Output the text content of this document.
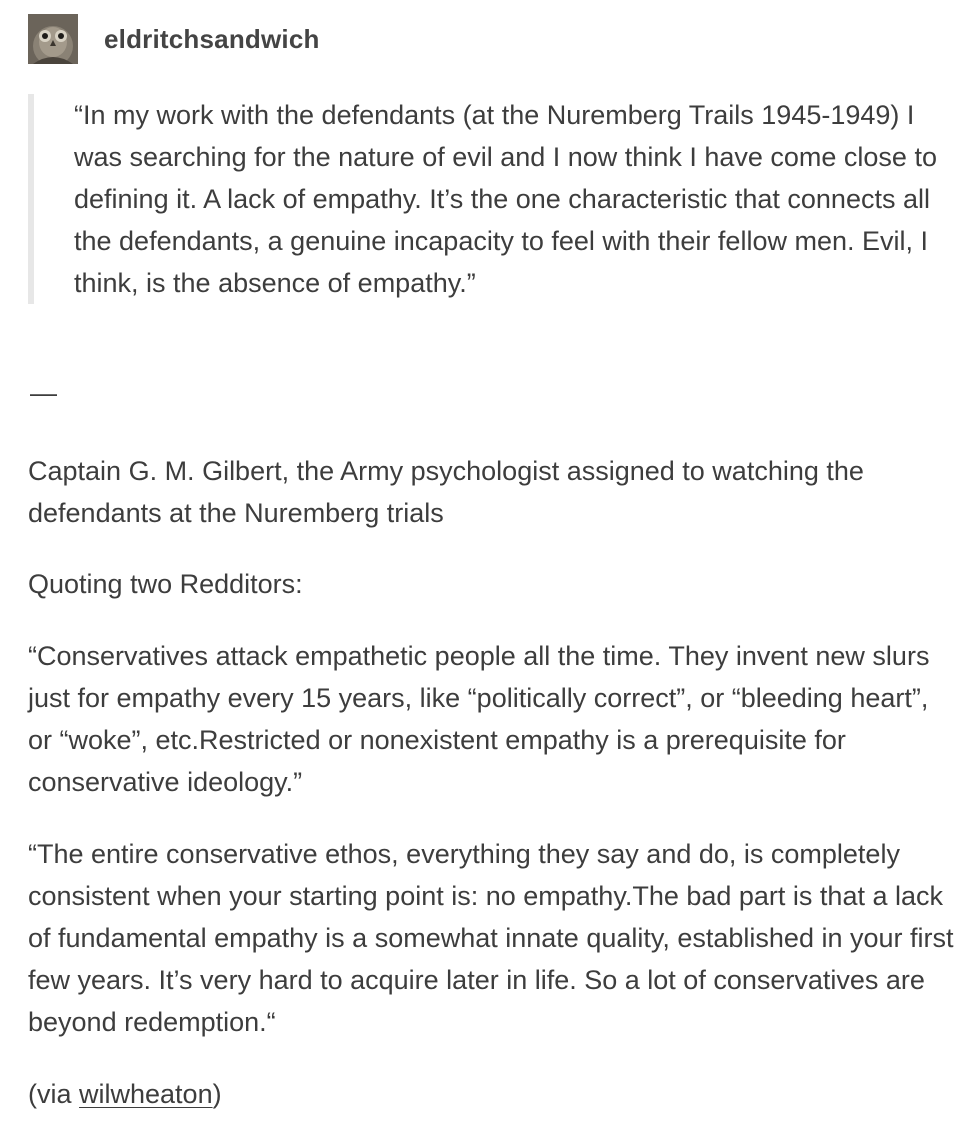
eldritchsandwich

“In my work with the defendants (at the Nuremberg Trails 1945-1949) I was searching for the nature of evil and I now think I have come close to defining it. A lack of empathy. It’s the one characteristic that connects all the defendants, a genuine incapacity to feel with their fellow men. Evil, I think, is the absence of empathy.”

—

Captain G. M. Gilbert, the Army psychologist assigned to watching the defendants at the Nuremberg trials

Quoting two Redditors:

“Conservatives attack empathetic people all the time. They invent new slurs just for empathy every 15 years, like “politically correct”, or “bleeding heart”, or “woke”, etc.Restricted or nonexistent empathy is a prerequisite for conservative ideology.”

“The entire conservative ethos, everything they say and do, is completely consistent when your starting point is: no empathy.The bad part is that a lack of fundamental empathy is a somewhat innate quality, established in your first few years. It’s very hard to acquire later in life. So a lot of conservatives are beyond redemption.“

(via wilwheaton)
